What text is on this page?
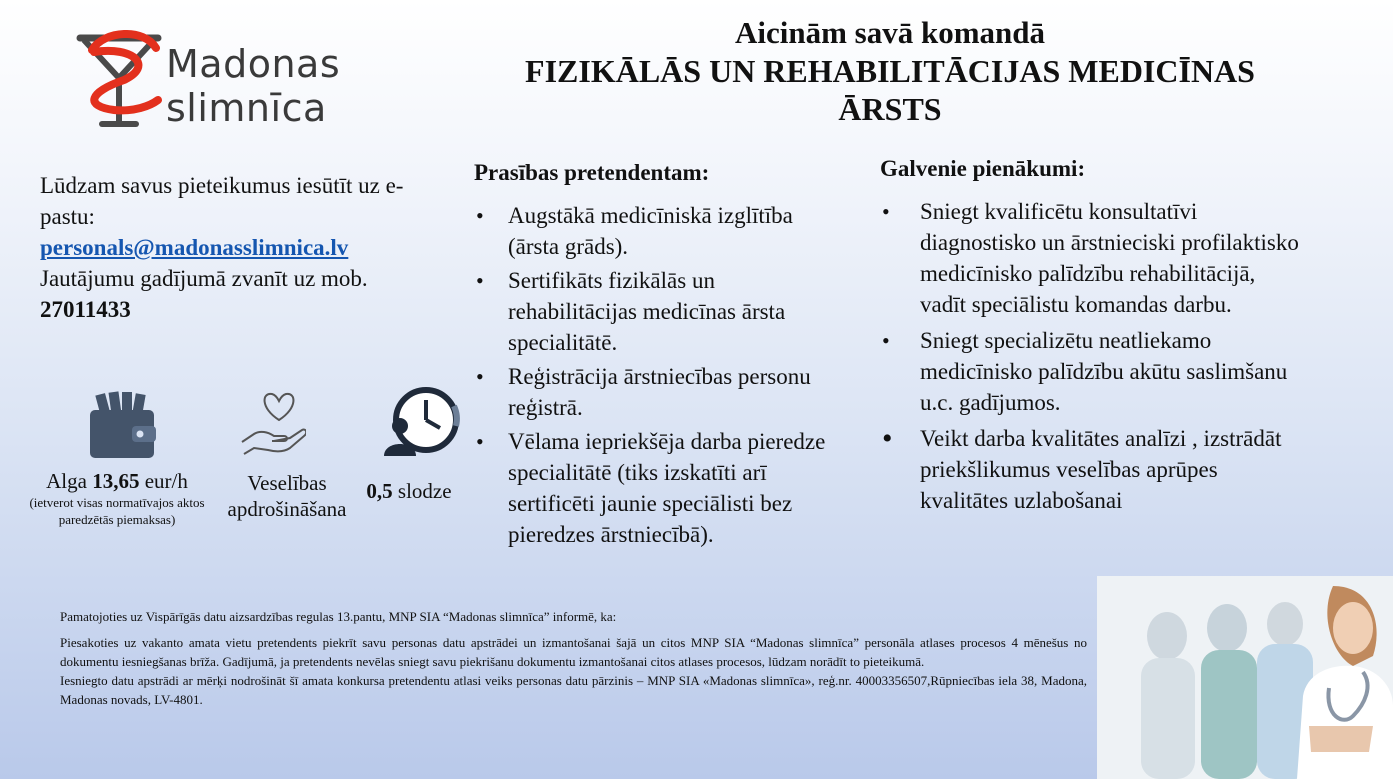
Madonas
slimnīca
Aicinām savā komandā
FIZIKĀLĀS UN REHABILITĀCIJAS MEDICĪNAS
ĀRSTS
Lūdzam savus pieteikumus iesūtīt uz e-pastu:
personals@madonasslimnica.lv
Jautājumu gadījumā zvanīt uz mob.
27011433
Prasības pretendentam:
• Augstākā medicīniskā izglītība (ārsta grāds).
• Sertifikāts fizikālās un rehabilitācijas medicīnas ārsta specialitātē.
• Reģistrācija ārstniecības personu reģistrā.
• Vēlama iepriekšēja darba pieredze specialitātē (tiks izskatīti arī sertificēti jaunie speciālisti bez pieredzes ārstniecībā).
Galvenie pienākumi:
• Sniegt kvalificētu konsultatīvi diagnostisko un ārstnieciski profilaktisko medicīnisko palīdzību rehabilitācijā, vadīt speciālistu komandas darbu.
• Sniegt specializētu neatliekamo medicīnisko palīdzību akūtu saslimšanu u.c. gadījumos.
• Veikt darba kvalitātes analīzi , izstrādāt priekšlikumus veselības aprūpes kvalitātes uzlabošanai
Alga 13,65 eur/h
(ietverot visas normatīvajos aktos paredzētās piemaksas)
Veselības apdrošināšana
0,5 slodze

Pamatojoties uz Vispārīgās datu aizsardzības regulas 13.pantu, MNP SIA “Madonas slimnīca” informē, ka:

Piesakoties uz vakanto amata vietu pretendents piekrīt savu personas datu apstrādei un izmantošanai šajā un citos MNP SIA “Madonas slimnīca” personāla atlases procesos 4 mēnešus no dokumentu iesniegšanas brīža. Gadījumā, ja pretendents nevēlas sniegt savu piekrišanu dokumentu izmantošanai citos atlases procesos, lūdzam norādīt to pieteikumā.

Iesniegto datu apstrādi ar mērķi nodrošināt šī amata konkursa pretendentu atlasi veiks personas datu pārzinis – MNP SIA «Madonas slimnīca», reģ.nr. 40003356507,Rūpniecības iela 38, Madona, Madonas novads, LV-4801.
